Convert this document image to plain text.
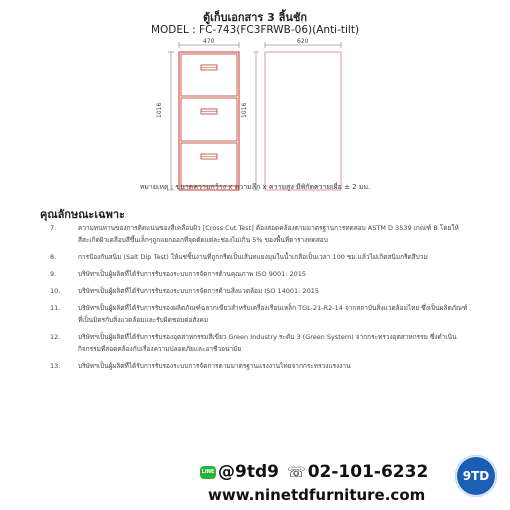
ตู้เก็บเอกสาร 3 ลิ้นชัก
MODEL : FC-743(FC3FRWB-06)(Anti-tilt)
470	620
1016	1016
หมายเหตุ : ขนาดความกว้าง x ความลึก x ความสูง มีพิกัดความเผื่อ ± 2 มม.
คุณลักษณะเฉพาะ
7.	ความทนทานของการติดแน่นของสีเคลือบผิว [Cross Cut Test] ต้องสอดคล้องตามมาตรฐานการทดสอบ ASTM D 3539 เกณฑ์ B โดยให้สีสะเกิดผิวเคลือบสีขึ้นเล็กๆถูกแยกออกที่จุดตัดแต่ละช่องไม่เกิน 5% ของพื้นที่ตารางทดสอบ
8.	การป้องกันสนิม (Salt Dip Test) ให้แช่ชิ้นงานที่ถูกกรีดเป็นเส้นทแยงมุมในน้ำเกลือเป็นเวลา 100 ชม.แล้วไม่เกิดสนิมกรีดสีบวม
9.	บริษัทฯเป็นผู้ผลิตที่ได้รับการรับรองระบบการจัดการด้านคุณภาพ ISO 9001: 2015
10.	บริษัทฯเป็นผู้ผลิตที่ได้รับการรับรองระบบการจัดการด้านสิ่งแวดล้อม ISO 14001: 2015
11.	บริษัทฯเป็นผู้ผลิตที่ได้รับการรับรองผลิตภัณฑ์ฉลากเขียวสำหรับเครื่องเรือนเหล็ก TGL-21-R2-14 จากสถาบันสิ่งแวดล้อมไทย ซึ่งเป็นผลิตภัณฑ์ที่เป็นมิตรกับสิ่งแวดล้อมและรับผิดชอบต่อสังคม
12.	บริษัทฯเป็นผู้ผลิตที่ได้รับการรับรองอุตสาหกรรมสีเขียว Green Industry ระดับ 3 (Green System) จากกระทรวงอุตสาหกรรม ซึ่งดำเนินกิจกรรมที่สอดคล้องกับเรื่องความปลอดภัยและอาชีวอนามัย
13.	บริษัทฯเป็นผู้ผลิตที่ได้รับการรับรองระบบการจัดการตามมาตรฐานแรงงานไทยจากกระทรวงแรงงาน
LINE @9td9 ☏ 02-101-6232
www.ninetdfurniture.com
9TD
